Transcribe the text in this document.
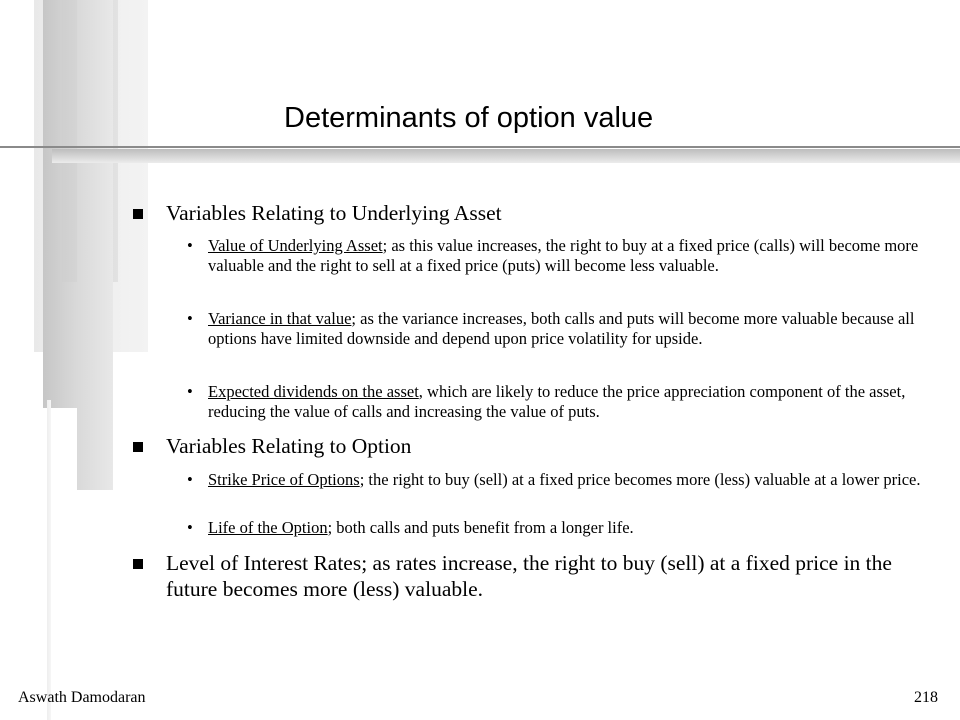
Determinants of option value
Variables Relating to Underlying Asset
• Value of Underlying Asset; as this value increases, the right to buy at a fixed price (calls) will become more valuable and the right to sell at a fixed price (puts) will become less valuable.
• Variance in that value; as the variance increases, both calls and puts will become more valuable because all options have limited downside and depend upon price volatility for upside.
• Expected dividends on the asset, which are likely to reduce the price appreciation component of the asset, reducing the value of calls and increasing the value of puts.
Variables Relating to Option
• Strike Price of Options; the right to buy (sell) at a fixed price becomes more (less) valuable at a lower price.
• Life of the Option; both calls and puts benefit from a longer life.
Level of Interest Rates; as rates increase, the right to buy (sell) at a fixed price in the future becomes more (less) valuable.
Aswath Damodaran	218
